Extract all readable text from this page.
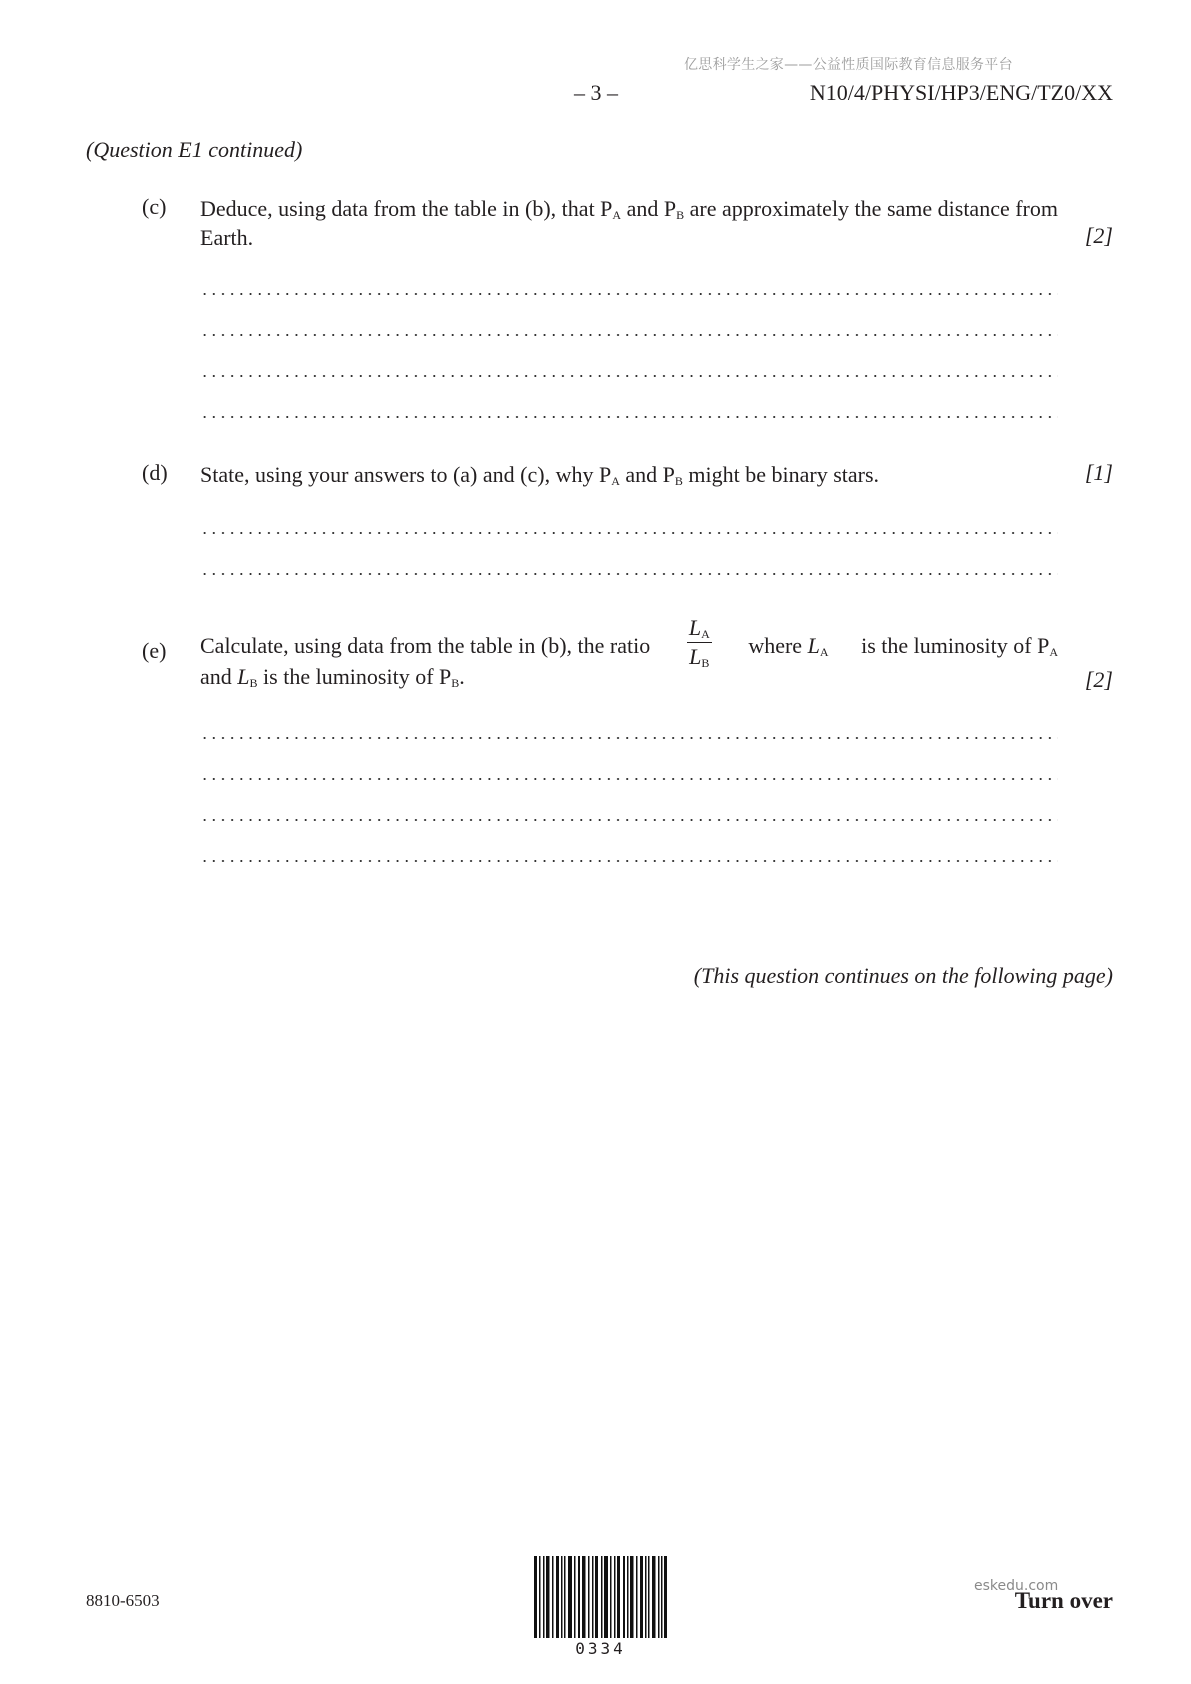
亿思科学生之家——公益性质国际教育信息服务平台
– 3 –	N10/4/PHYSI/HP3/ENG/TZ0/XX
(Question E1 continued)
(c) Deduce, using data from the table in (b), that $P_A$ and $P_B$ are approximately the same distance from Earth.	[2]
(d) State, using your answers to (a) and (c), why $P_A$ and $P_B$ might be binary stars.	[1]
(e) Calculate, using data from the table in (b), the ratio $\frac{L_A}{L_B}$ where $L_A$ is the luminosity of $P_A$
and $L_B$ is the luminosity of $P_B$.	[2]
(This question continues on the following page)
8810-6503
0334
eskedu.com
Turn over
